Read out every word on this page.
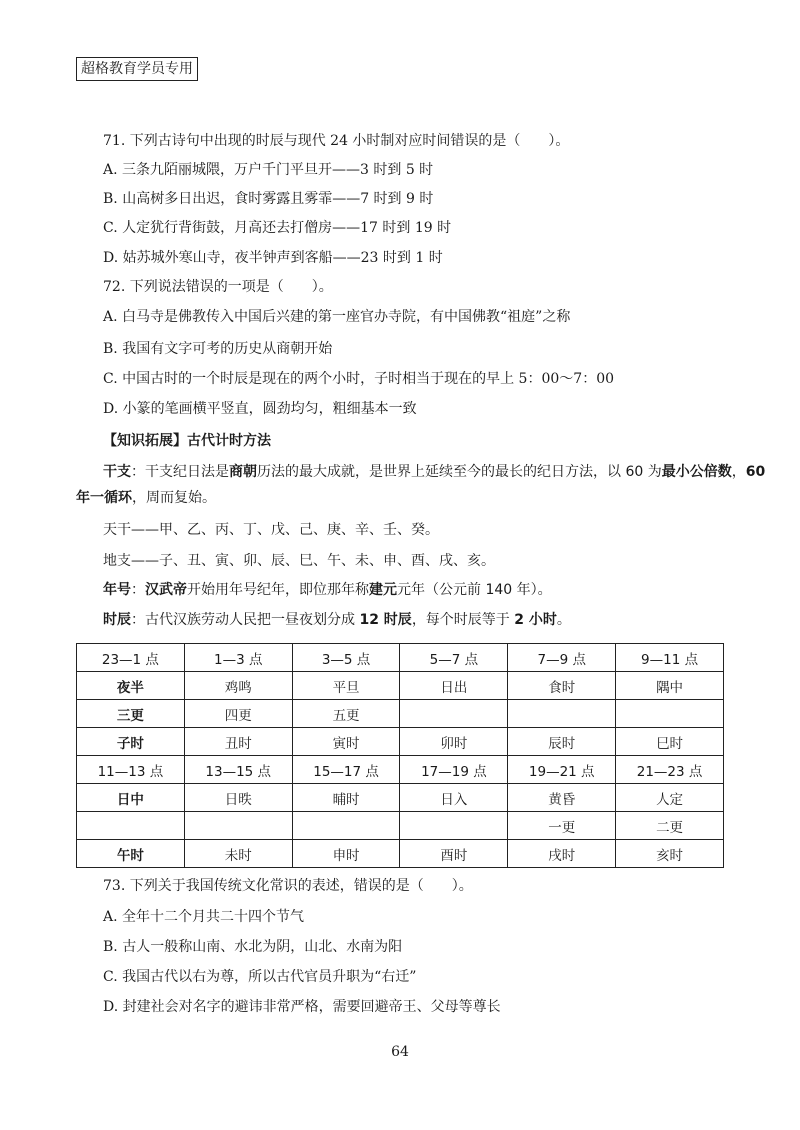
超格教育学员专用
71. 下列古诗句中出现的时辰与现代 24 小时制对应时间错误的是（　　）。
A. 三条九陌丽城隈，万户千门平旦开——3 时到 5 时
B. 山高树多日出迟，食时雾露且雾霏——7 时到 9 时
C. 人定犹行背街鼓，月高还去打僧房——17 时到 19 时
D. 姑苏城外寒山寺，夜半钟声到客船——23 时到 1 时
72. 下列说法错误的一项是（　　）。
A. 白马寺是佛教传入中国后兴建的第一座官办寺院，有中国佛教“祖庭”之称
B. 我国有文字可考的历史从商朝开始
C. 中国古时的一个时辰是现在的两个小时，子时相当于现在的早上 5：00～7：00
D. 小篆的笔画横平竖直，圆劲均匀，粗细基本一致
【知识拓展】古代计时方法
干支：干支纪日法是商朝历法的最大成就，是世界上延续至今的最长的纪日方法，以 60 为最小公倍数，60
年一循环，周而复始。
天干——甲、乙、丙、丁、戊、己、庚、辛、壬、癸。
地支——子、丑、寅、卯、辰、巳、午、未、申、酉、戌、亥。
年号：汉武帝开始用年号纪年，即位那年称建元元年（公元前 140 年）。
时辰：古代汉族劳动人民把一昼夜划分成 12 时辰，每个时辰等于 2 小时。
23—1 点	1—3 点	3—5 点	5—7 点	7—9 点	9—11 点
夜半	鸡鸣	平旦	日出	食时	隅中
三更	四更	五更			
子时	丑时	寅时	卯时	辰时	巳时
11—13 点	13—15 点	15—17 点	17—19 点	19—21 点	21—23 点
日中	日昳	晡时	日入	黄昏	人定
				一更	二更
午时	未时	申时	酉时	戌时	亥时
73. 下列关于我国传统文化常识的表述，错误的是（　　）。
A. 全年十二个月共二十四个节气
B. 古人一般称山南、水北为阴，山北、水南为阳
C. 我国古代以右为尊，所以古代官员升职为“右迁”
D. 封建社会对名字的避讳非常严格，需要回避帝王、父母等尊长
64
